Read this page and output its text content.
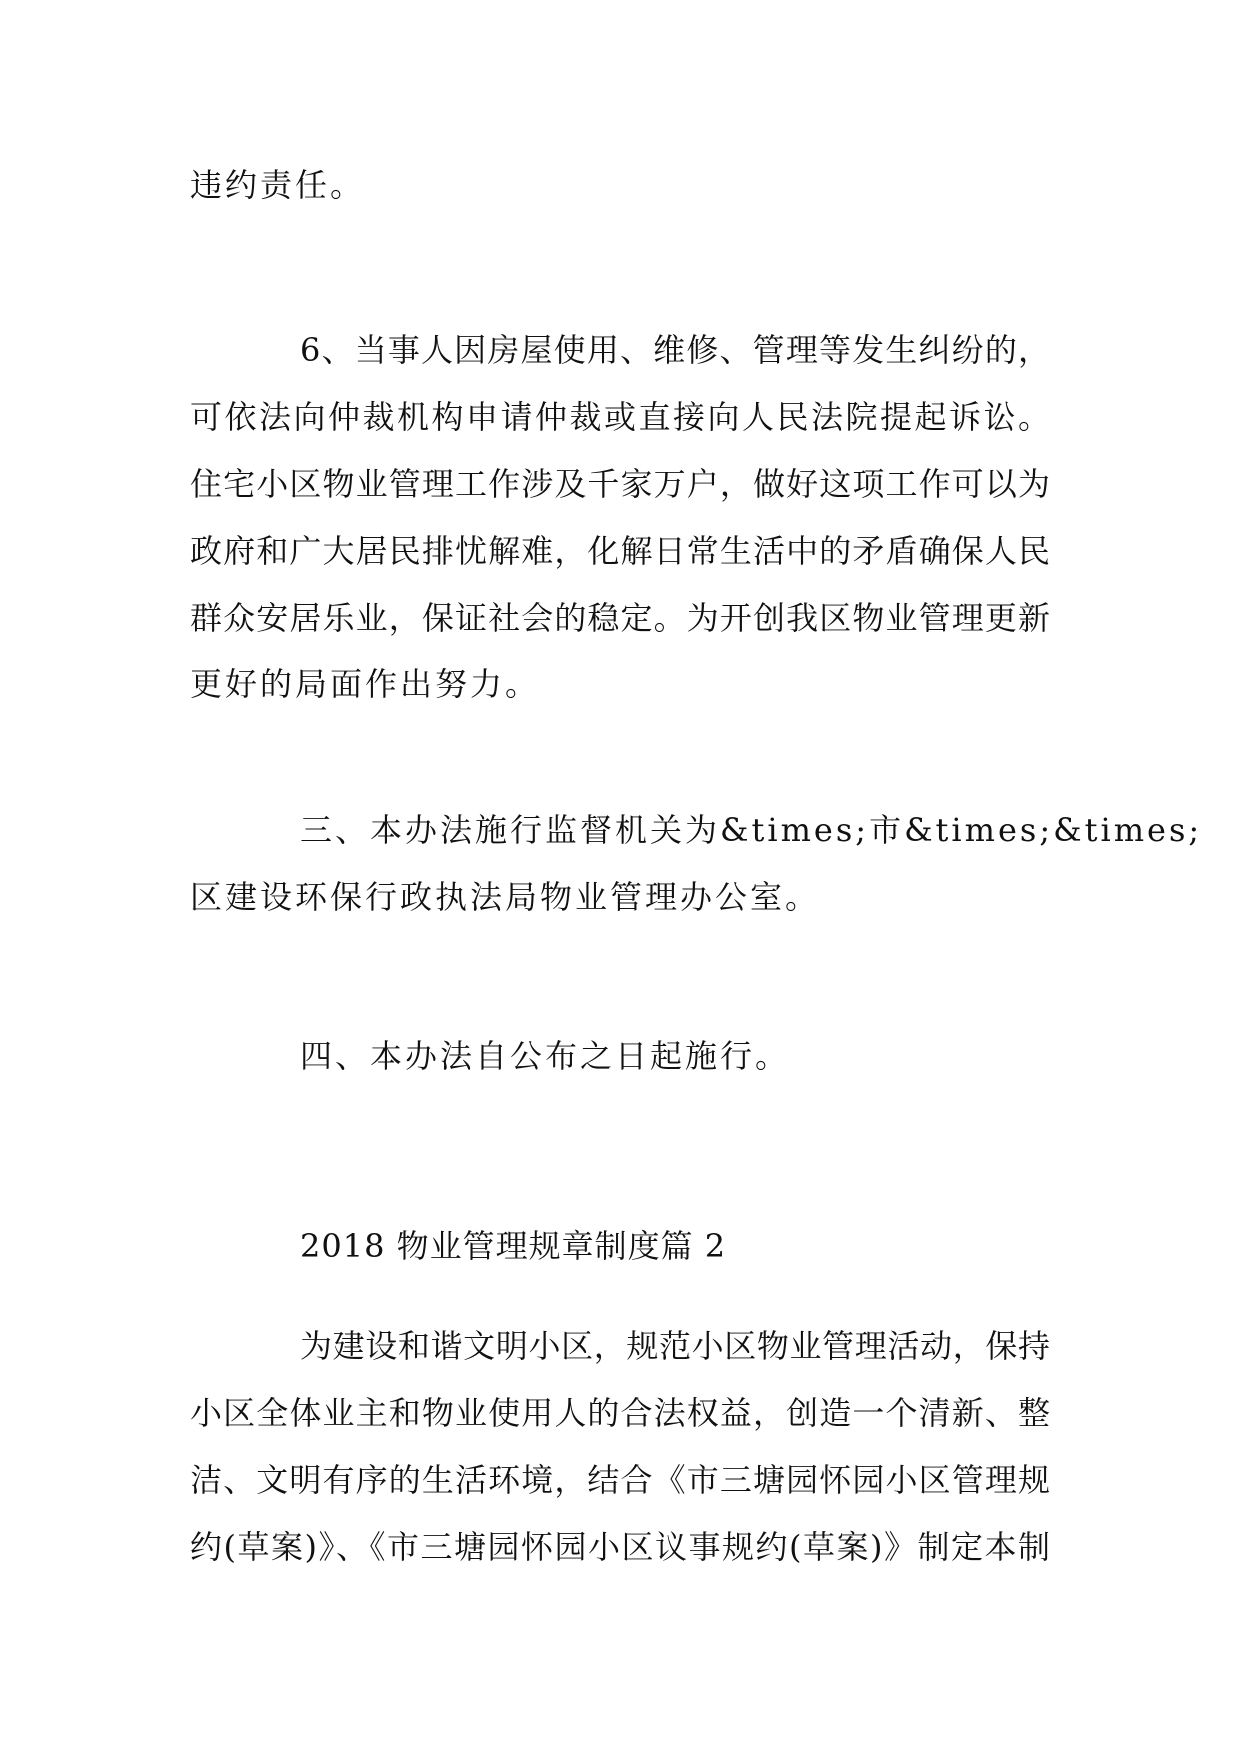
违约责任。
6、当事人因房屋使用、维修、管理等发生纠纷的，
可依法向仲裁机构申请仲裁或直接向人民法院提起诉讼。
住宅小区物业管理工作涉及千家万户，做好这项工作可以为
政府和广大居民排忧解难，化解日常生活中的矛盾确保人民
群众安居乐业，保证社会的稳定。为开创我区物业管理更新
更好的局面作出努力。
三、本办法施行监督机关为&times;市&times;&times;
区建设环保行政执法局物业管理办公室。
四、本办法自公布之日起施行。
2018 物业管理规章制度篇 2
为建设和谐文明小区，规范小区物业管理活动，保持
小区全体业主和物业使用人的合法权益，创造一个清新、整
洁、文明有序的生活环境，结合《市三塘园怀园小区管理规
约(草案)》、《市三塘园怀园小区议事规约(草案)》制定本制
